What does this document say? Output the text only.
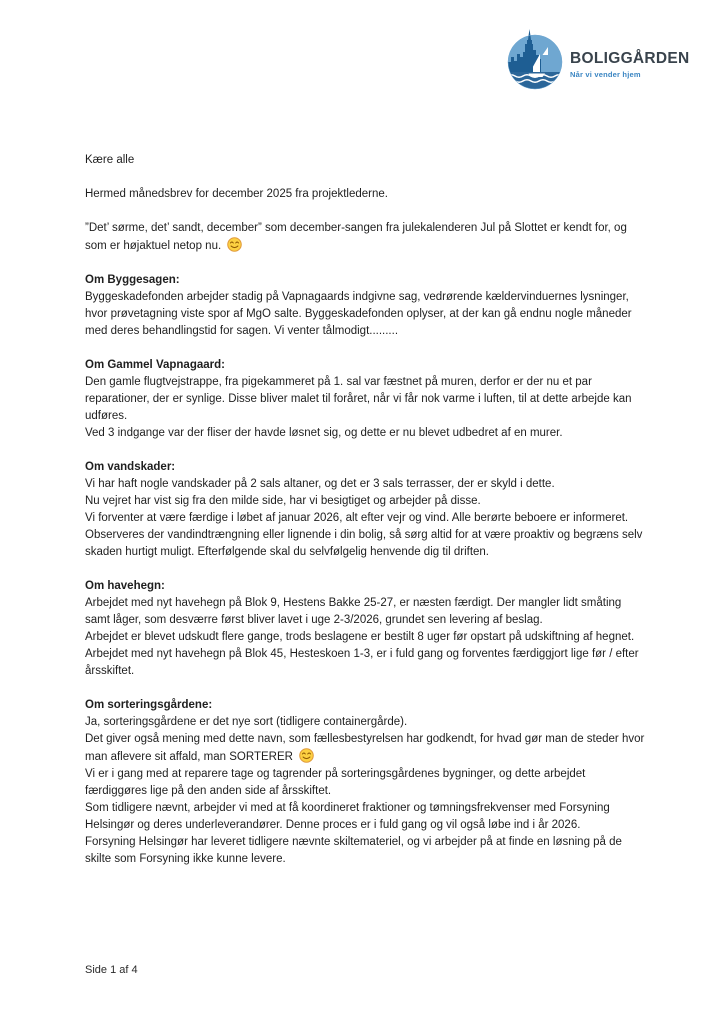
BOLIGGÅRDEN
Når vi vender hjem
Kære alle
Hermed månedsbrev for december 2025 fra projektlederne.
”Det’ sørme, det’ sandt, december” som december-sangen fra julekalenderen Jul på Slottet er kendt for, og som er højaktuel netop nu.
Om Byggesagen:
Byggeskadefonden arbejder stadig på Vapnagaards indgivne sag, vedrørende kældervinduernes lysninger, hvor prøvetagning viste spor af MgO salte. Byggeskadefonden oplyser, at der kan gå endnu nogle måneder med deres behandlingstid for sagen. Vi venter tålmodigt.........
Om Gammel Vapnagaard:
Den gamle flugtvejstrappe, fra pigekammeret på 1. sal var fæstnet på muren, derfor er der nu et par reparationer, der er synlige. Disse bliver malet til foråret, når vi får nok varme i luften, til at dette arbejde kan udføres.
Ved 3 indgange var der fliser der havde løsnet sig, og dette er nu blevet udbedret af en murer.
Om vandskader:
Vi har haft nogle vandskader på 2 sals altaner, og det er 3 sals terrasser, der er skyld i dette.
Nu vejret har vist sig fra den milde side, har vi besigtiget og arbejder på disse.
Vi forventer at være færdige i løbet af januar 2026, alt efter vejr og vind. Alle berørte beboere er informeret.
Observeres der vandindtrængning eller lignende i din bolig, så sørg altid for at være proaktiv og begræns selv skaden hurtigt muligt. Efterfølgende skal du selvfølgelig henvende dig til driften.
Om havehegn:
Arbejdet med nyt havehegn på Blok 9, Hestens Bakke 25-27, er næsten færdigt. Der mangler lidt småting samt låger, som desværre først bliver lavet i uge 2-3/2026, grundet sen levering af beslag.
Arbejdet er blevet udskudt flere gange, trods beslagene er bestilt 8 uger før opstart på udskiftning af hegnet.
Arbejdet med nyt havehegn på Blok 45, Hesteskoen 1-3, er i fuld gang og forventes færdiggjort lige før / efter årsskiftet.
Om sorteringsgårdene:
Ja, sorteringsgårdene er det nye sort (tidligere containergårde).
Det giver også mening med dette navn, som fællesbestyrelsen har godkendt, for hvad gør man de steder hvor man aflevere sit affald, man SORTERER
Vi er i gang med at reparere tage og tagrender på sorteringsgårdenes bygninger, og dette arbejdet færdiggøres lige på den anden side af årsskiftet.
Som tidligere nævnt, arbejder vi med at få koordineret fraktioner og tømningsfrekvenser med Forsyning Helsingør og deres underleverandører. Denne proces er i fuld gang og vil også løbe ind i år 2026.
Forsyning Helsingør har leveret tidligere nævnte skiltemateriel, og vi arbejder på at finde en løsning på de skilte som Forsyning ikke kunne levere.
Side 1 af 4
